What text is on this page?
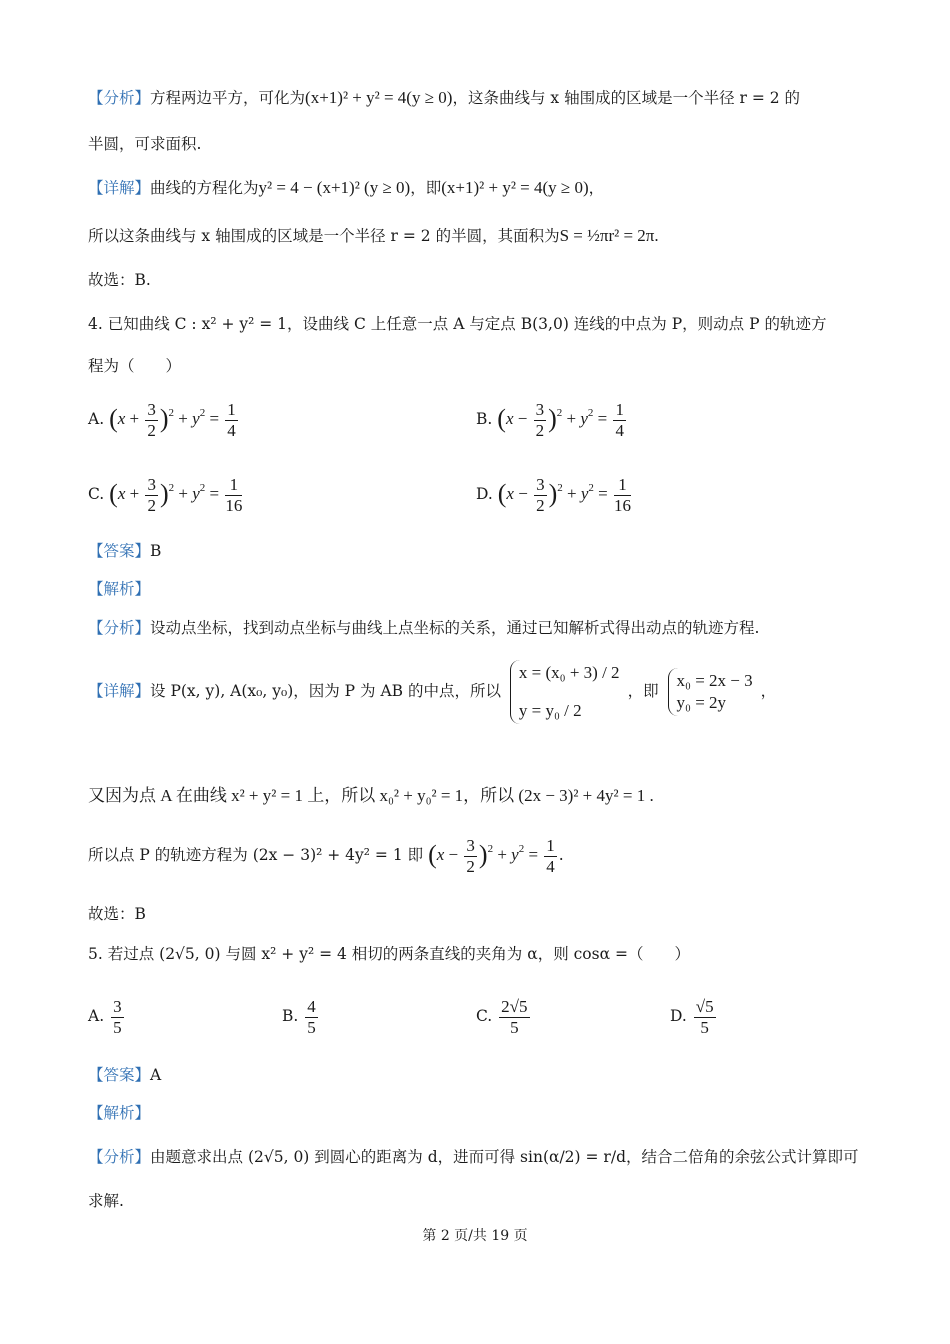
【分析】方程两边平方，可化为(x+1)² + y² = 4(y ≥ 0)，这条曲线与 x 轴围成的区域是一个半径 r = 2 的
半圆，可求面积.
【详解】曲线的方程化为y² = 4 − (x+1)² (y ≥ 0)，即(x+1)² + y² = 4(y ≥ 0)，
所以这条曲线与 x 轴围成的区域是一个半径 r = 2 的半圆，其面积为S = ½πr² = 2π.
故选：B.
4. 已知曲线 C : x² + y² = 1，设曲线 C 上任意一点 A 与定点 B(3,0) 连线的中点为 P，则动点 P 的轨迹方
程为（　　）
A. $(x + \frac{3}{2} )^2 + y^2 = \frac{1}{4}$	B. $(x - \frac{3}{2} )^2 + y^2 = \frac{1}{4}$
C. $(x + \frac{3}{2} )^2 + y^2 = \frac{1}{16}$	D. $(x - \frac{3}{2} )^2 + y^2 = \frac{1}{16}$
【答案】B
【解析】
【分析】设动点坐标，找到动点坐标与曲线上点坐标的关系，通过已知解析式得出动点的轨迹方程.
【详解】设 P(x, y), A(x₀, y₀)，因为 P 为 AB 的中点，所以
x = (x₀ + 3) / 2
y = y₀ / 2
，即
x₀ = 2x − 3
y₀ = 2y
，
又因为点 A 在曲线 x² + y² = 1 上，所以 x₀² + y₀² = 1，所以 (2x − 3)² + 4y² = 1 .
所以点 P 的轨迹方程为 (2x − 3)² + 4y² = 1 即 $(x - \frac{3}{2} )^2 + y^2 = \frac{1}{4}$ .
故选：B
5. 若过点 (2√5, 0) 与圆 x² + y² = 4 相切的两条直线的夹角为 α，则 cosα =（　　）
A. $\frac{3}{5}$	B. $\frac{4}{5}$	C. $\frac{2√5}{5}$	D. $\frac{√5}{5}$
【答案】A
【解析】
【分析】由题意求出点 (2√5, 0) 到圆心的距离为 d，进而可得 sin(α/2) = r/d，结合二倍角的余弦公式计算即可
求解.
第 2 页/共 19 页
